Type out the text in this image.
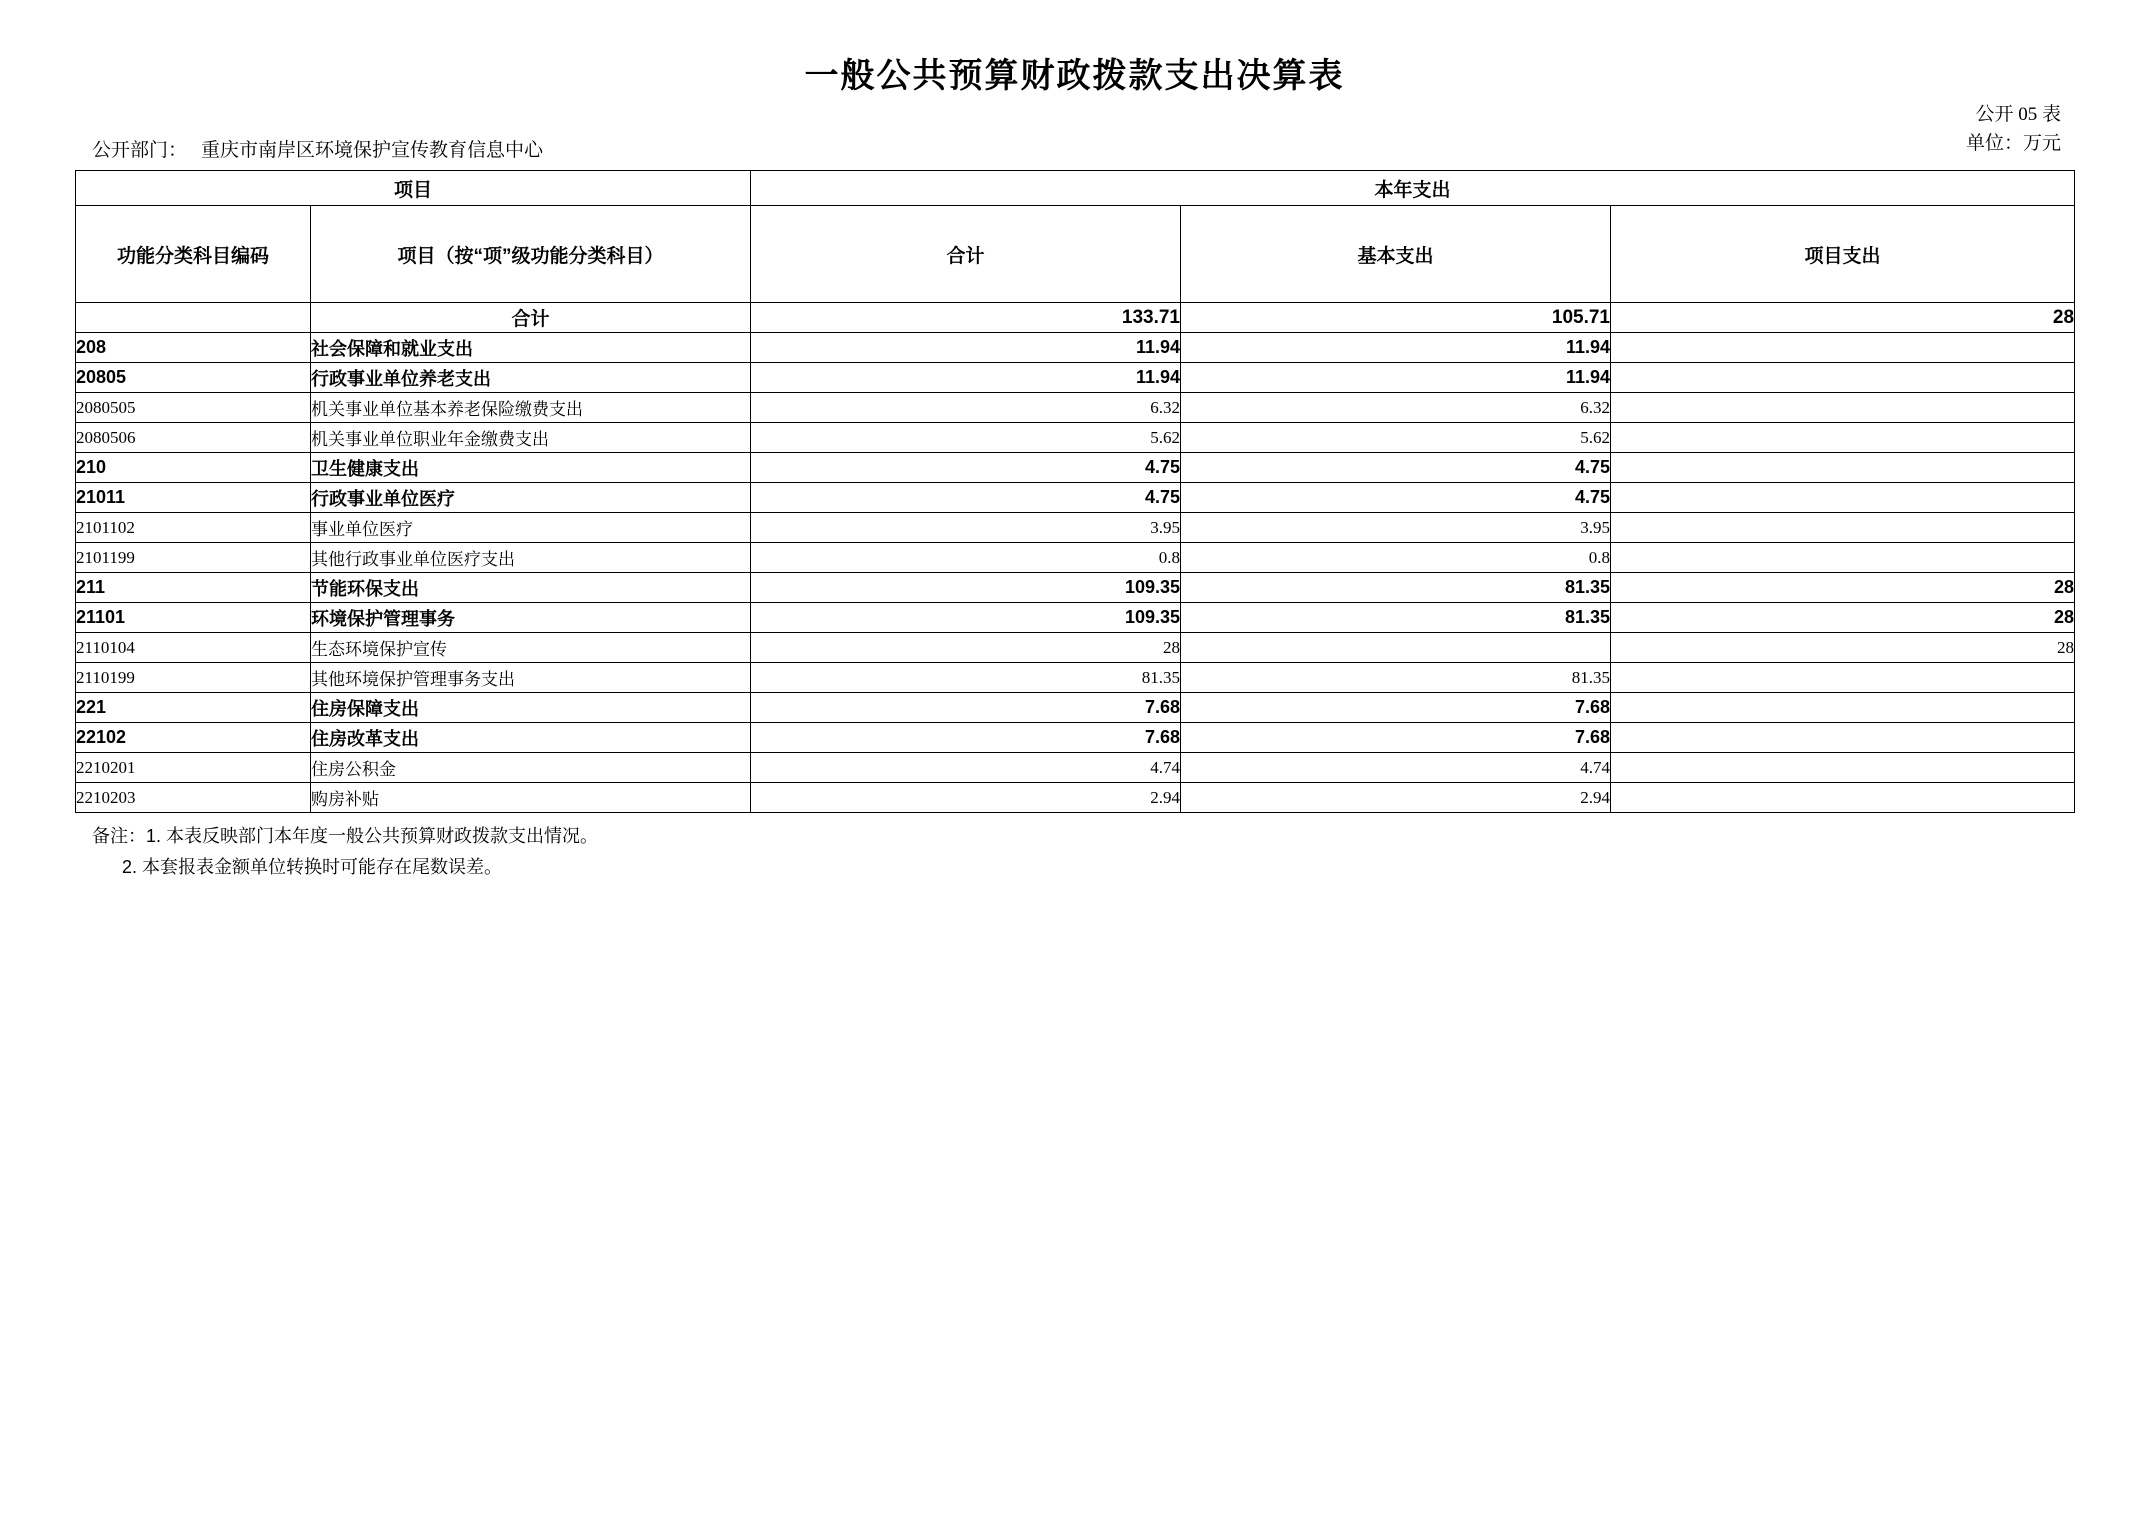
一般公共预算财政拨款支出决算表
公开 05 表
单位：万元
公开部门： 重庆市南岸区环境保护宣传教育信息中心
项目		本年支出		
功能分类科目编码	项目（按“项”级功能分类科目）	合计	基本支出	项目支出
	合计	133.71	105.71	28
208	社会保障和就业支出	11.94	11.94	
20805	行政事业单位养老支出	11.94	11.94	
2080505	机关事业单位基本养老保险缴费支出	6.32	6.32	
2080506	机关事业单位职业年金缴费支出	5.62	5.62	
210	卫生健康支出	4.75	4.75	
21011	行政事业单位医疗	4.75	4.75	
2101102	事业单位医疗	3.95	3.95	
2101199	其他行政事业单位医疗支出	0.8	0.8	
211	节能环保支出	109.35	81.35	28
21101	环境保护管理事务	109.35	81.35	28
2110104	生态环境保护宣传	28		28
2110199	其他环境保护管理事务支出	81.35	81.35	
221	住房保障支出	7.68	7.68	
22102	住房改革支出	7.68	7.68	
2210201	住房公积金	4.74	4.74	
2210203	购房补贴	2.94	2.94	
备注：1. 本表反映部门本年度一般公共预算财政拨款支出情况。
2. 本套报表金额单位转换时可能存在尾数误差。
